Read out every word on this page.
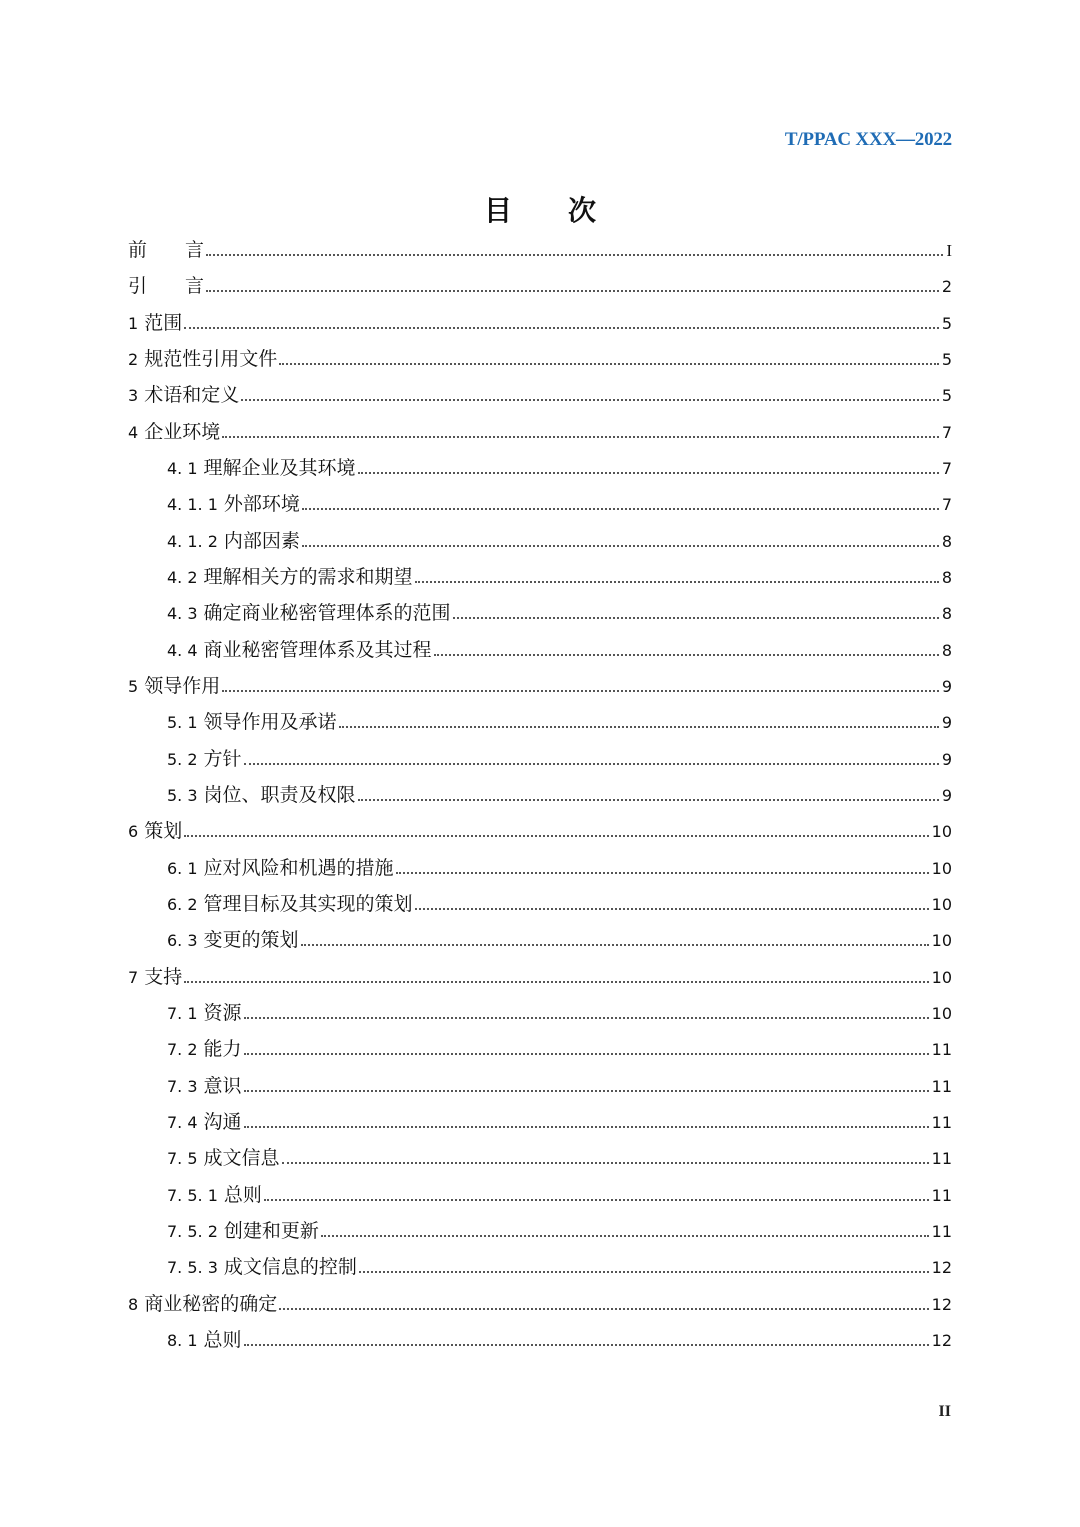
T/PPAC XXX—2022
目　　次
前　　言	I
引　　言	2
1 范围	5
2 规范性引用文件	5
3 术语和定义	5
4 企业环境	7
4. 1 理解企业及其环境	7
4. 1. 1 外部环境	7
4. 1. 2 内部因素	8
4. 2 理解相关方的需求和期望	8
4. 3 确定商业秘密管理体系的范围	8
4. 4 商业秘密管理体系及其过程	8
5 领导作用	9
5. 1 领导作用及承诺	9
5. 2 方针	9
5. 3 岗位、职责及权限	9
6 策划	10
6. 1 应对风险和机遇的措施	10
6. 2 管理目标及其实现的策划	10
6. 3 变更的策划	10
7 支持	10
7. 1 资源	10
7. 2 能力	11
7. 3 意识	11
7. 4 沟通	11
7. 5 成文信息	11
7. 5. 1 总则	11
7. 5. 2 创建和更新	11
7. 5. 3 成文信息的控制	12
8 商业秘密的确定	12
8. 1 总则	12
II
